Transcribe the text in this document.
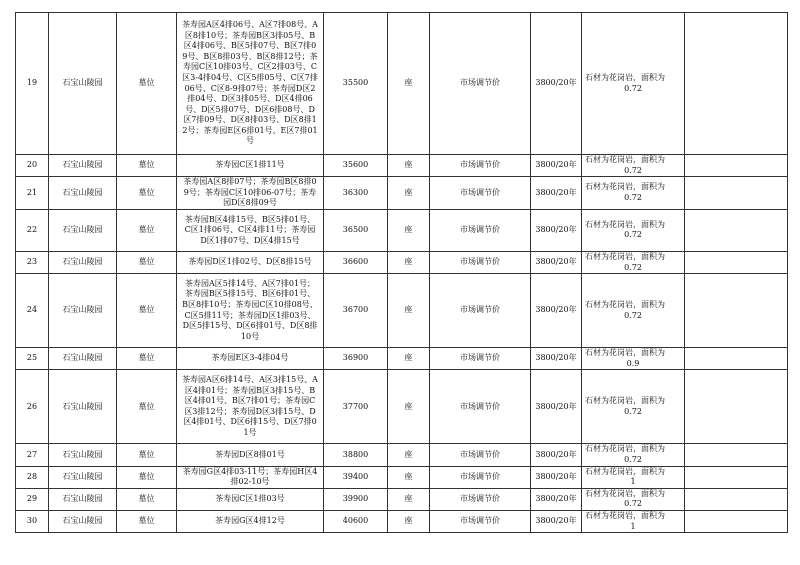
19	石宝山陵园	墓位	茶寿园A区4排06号、A区7排08号、A区8排10号；茶寿园B区3排05号、B区4排06号、B区5排07号、B区7排09号、B区8排03号、B区8排12号；茶寿园C区10排03号、C区2排03号、C区3-4排04号、C区5排05号、C区7排06号、C区8-9排07号；茶寿园D区2排04号、D区3排05号、D区4排06号、D区5排07号、D区6排08号、D区7排09号、D区8排03号、D区8排12号；茶寿园E区6排01号、E区7排01号	35500	座	市场调节价	3800/20年	石材为花岗岩，面积为
0.72	

20	石宝山陵园	墓位	茶寿园C区1排11号	35600	座	市场调节价	3800/20年	石材为花岗岩，面积为
0.72	

21	石宝山陵园	墓位	茶寿园A区8排07号；茶寿园B区8排09号；茶寿园C区10排06-07号；茶寿园D区8排09号	36300	座	市场调节价	3800/20年	石材为花岗岩，面积为
0.72	

22	石宝山陵园	墓位	茶寿园B区4排15号、B区5排01号、C区1排06号、C区4排11号；茶寿园D区1排07号、D区4排15号	36500	座	市场调节价	3800/20年	石材为花岗岩，面积为
0.72	

23	石宝山陵园	墓位	茶寿园D区1排02号、D区8排15号	36600	座	市场调节价	3800/20年	石材为花岗岩，面积为
0.72	

24	石宝山陵园	墓位	茶寿园A区5排14号、A区7排01号；茶寿园B区5排15号、B区6排01号、B区8排10号；茶寿园C区10排08号、C区5排11号；茶寿园D区1排03号、D区5排15号、D区6排01号、D区8排10号	36700	座	市场调节价	3800/20年	石材为花岗岩，面积为
0.72	

25	石宝山陵园	墓位	茶寿园E区3-4排04号	36900	座	市场调节价	3800/20年	石材为花岗岩，面积为
0.9	

26	石宝山陵园	墓位	茶寿园A区6排14号、A区3排15号、A区4排01号；茶寿园B区3排15号、B区4排01号、B区7排01号；茶寿园C区3排12号；茶寿园D区3排15号、D区4排01号、D区6排15号、D区7排01号	37700	座	市场调节价	3800/20年	石材为花岗岩，面积为
0.72	

27	石宝山陵园	墓位	茶寿园D区8排01号	38800	座	市场调节价	3800/20年	石材为花岗岩，面积为
0.72	

28	石宝山陵园	墓位	茶寿园G区4排03-11号；茶寿园H区4排02-10号	39400	座	市场调节价	3800/20年	石材为花岗岩，面积为
1	

29	石宝山陵园	墓位	茶寿园C区1排03号	39900	座	市场调节价	3800/20年	石材为花岗岩，面积为
0.72	

30	石宝山陵园	墓位	茶寿园G区4排12号	40600	座	市场调节价	3800/20年	石材为花岗岩，面积为
1	
